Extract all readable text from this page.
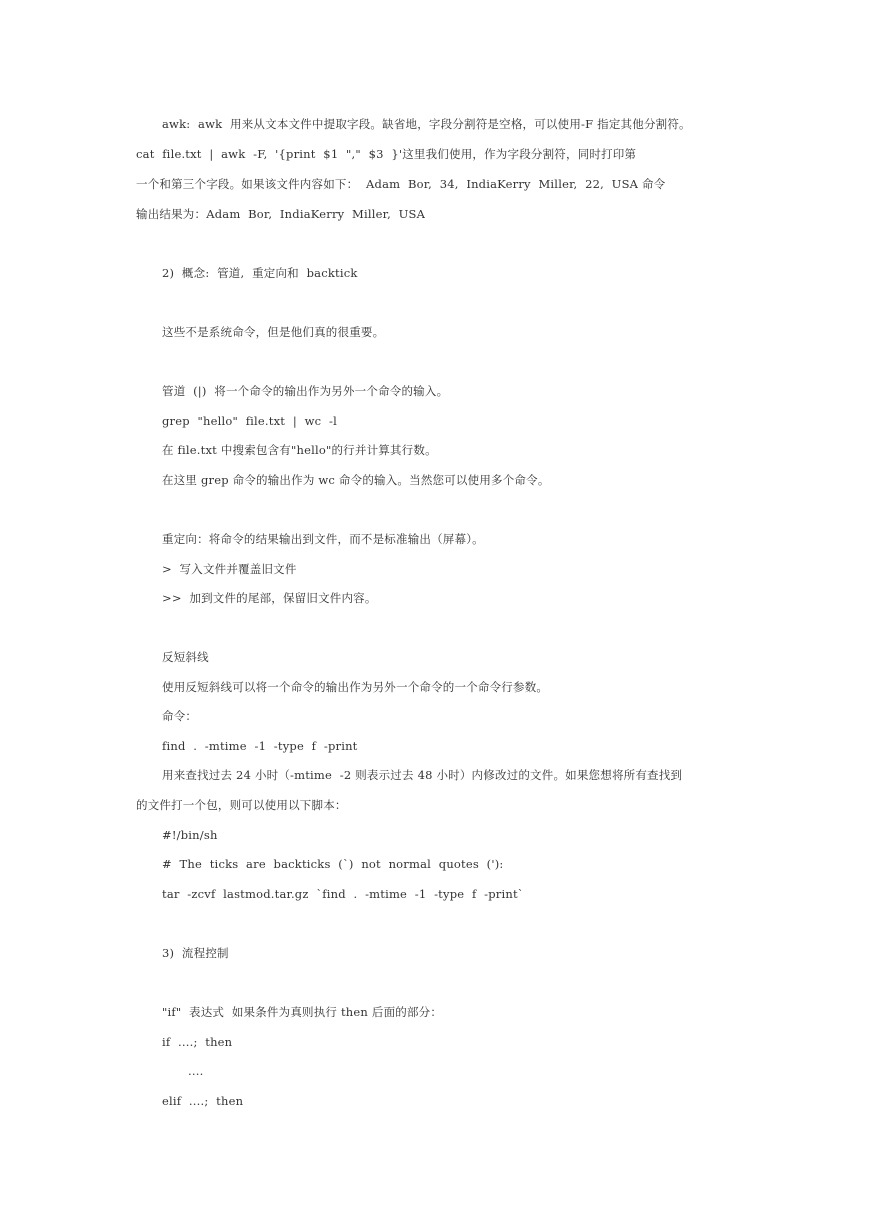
awk:  awk  用来从文本文件中提取字段。缺省地，字段分割符是空格，可以使用-F 指定其他分割符。
cat  file.txt  |  awk  -F,  '{print  $1  ","  $3  }'这里我们使用，作为字段分割符，同时打印第
一个和第三个字段。如果该文件内容如下：  Adam  Bor,  34,  IndiaKerry  Miller,  22,  USA 命令
输出结果为：Adam  Bor,  IndiaKerry  Miller,  USA
2)  概念:  管道,  重定向和  backtick
这些不是系统命令，但是他们真的很重要。
管道  (|)  将一个命令的输出作为另外一个命令的输入。
grep  "hello"  file.txt  |  wc  -l
在 file.txt 中搜索包含有"hello"的行并计算其行数。
在这里 grep 命令的输出作为 wc 命令的输入。当然您可以使用多个命令。
重定向：将命令的结果输出到文件，而不是标准输出（屏幕）。
>  写入文件并覆盖旧文件
>>  加到文件的尾部，保留旧文件内容。
反短斜线
使用反短斜线可以将一个命令的输出作为另外一个命令的一个命令行参数。
命令：
find  .  -mtime  -1  -type  f  -print
用来查找过去 24 小时（-mtime  -2 则表示过去 48 小时）内修改过的文件。如果您想将所有查找到
的文件打一个包，则可以使用以下脚本：
#!/bin/sh
#  The  ticks  are  backticks  (`)  not  normal  quotes  ('):
tar  -zcvf  lastmod.tar.gz  `find  .  -mtime  -1  -type  f  -print`
3)  流程控制
"if"  表达式  如果条件为真则执行 then 后面的部分：
if  ....;  then
....
elif  ....;  then
